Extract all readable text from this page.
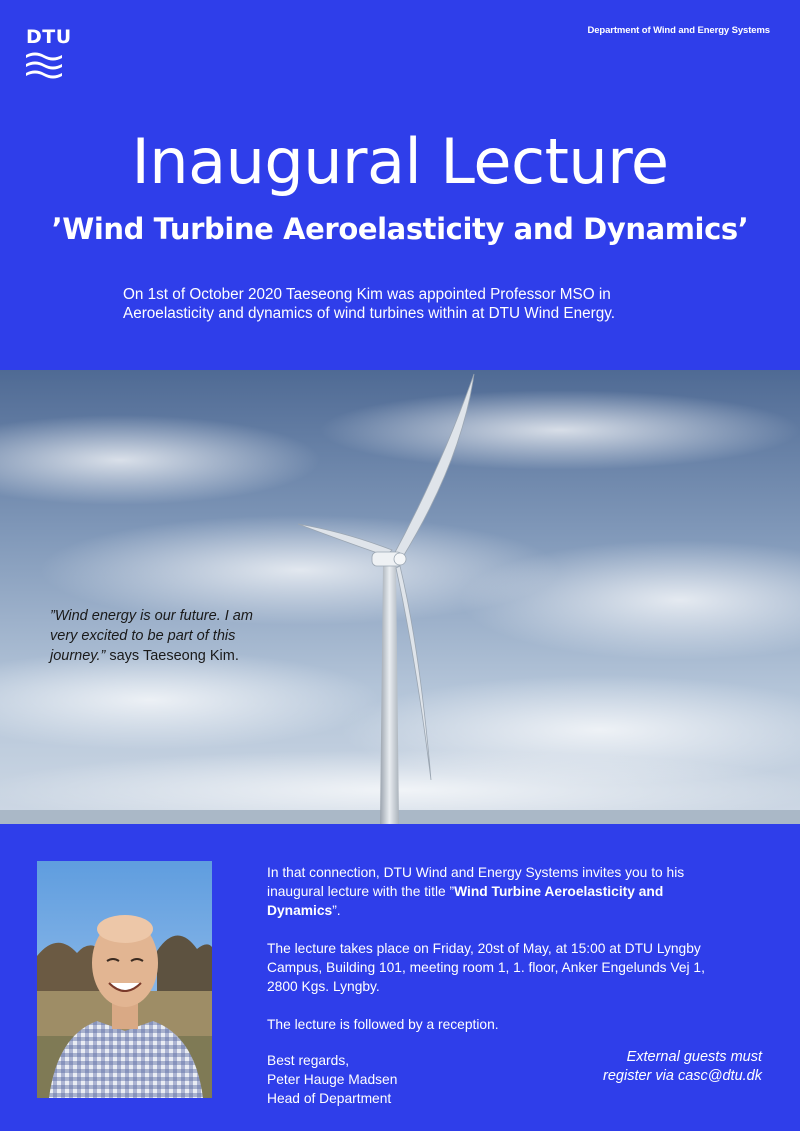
DTU	Department of Wind and Energy Systems
Inaugural Lecture
’Wind Turbine Aeroelasticity and Dynamics’
On 1st of October 2020 Taeseong Kim was appointed Professor MSO in
Aeroelasticity and dynamics of wind turbines within at DTU Wind Energy.
”Wind energy is our future. I am
very excited to be part of this
journey.” says Taeseong Kim.

In that connection, DTU Wind and Energy Systems invites you to his inaugural lecture with the title ”Wind Turbine Aeroelasticity and Dynamics”.

The lecture takes place on Friday, 20st of May, at 15:00 at DTU Lyngby Campus, Building 101, meeting room 1, 1. floor, Anker Engelunds Vej 1, 2800 Kgs. Lyngby.

The lecture is followed by a reception.

Best regards,
Peter Hauge Madsen
Head of Department
External guests must
register via casc@dtu.dk
